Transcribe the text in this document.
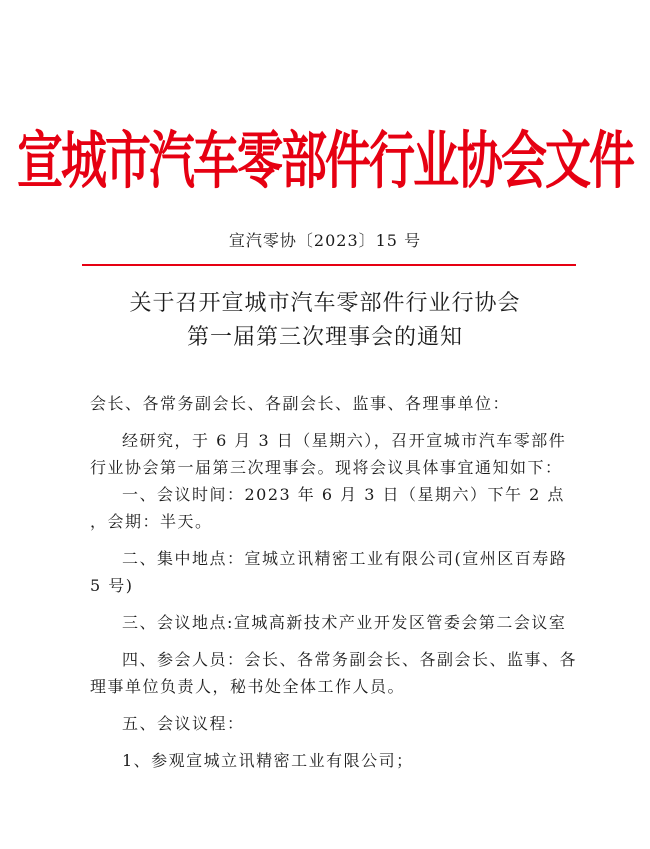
宣城市汽车零部件行业协会文件
宣汽零协〔2023〕15 号
关于召开宣城市汽车零部件行业行协会
第一届第三次理事会的通知

会长、各常务副会长、各副会长、监事、各理事单位：

经研究，于 6 月 3 日（星期六），召开宣城市汽车零部件行业协会第一届第三次理事会。现将会议具体事宜通知如下：

一、会议时间：2023 年 6 月 3 日（星期六）下午 2 点 ，会期：半天。

二、集中地点：宣城立讯精密工业有限公司(宣州区百寿路 5 号)

三、会议地点:宣城高新技术产业开发区管委会第二会议室

四、参会人员：会长、各常务副会长、各副会长、监事、各理事单位负责人，秘书处全体工作人员。

五、会议议程：

1、参观宣城立讯精密工业有限公司；
